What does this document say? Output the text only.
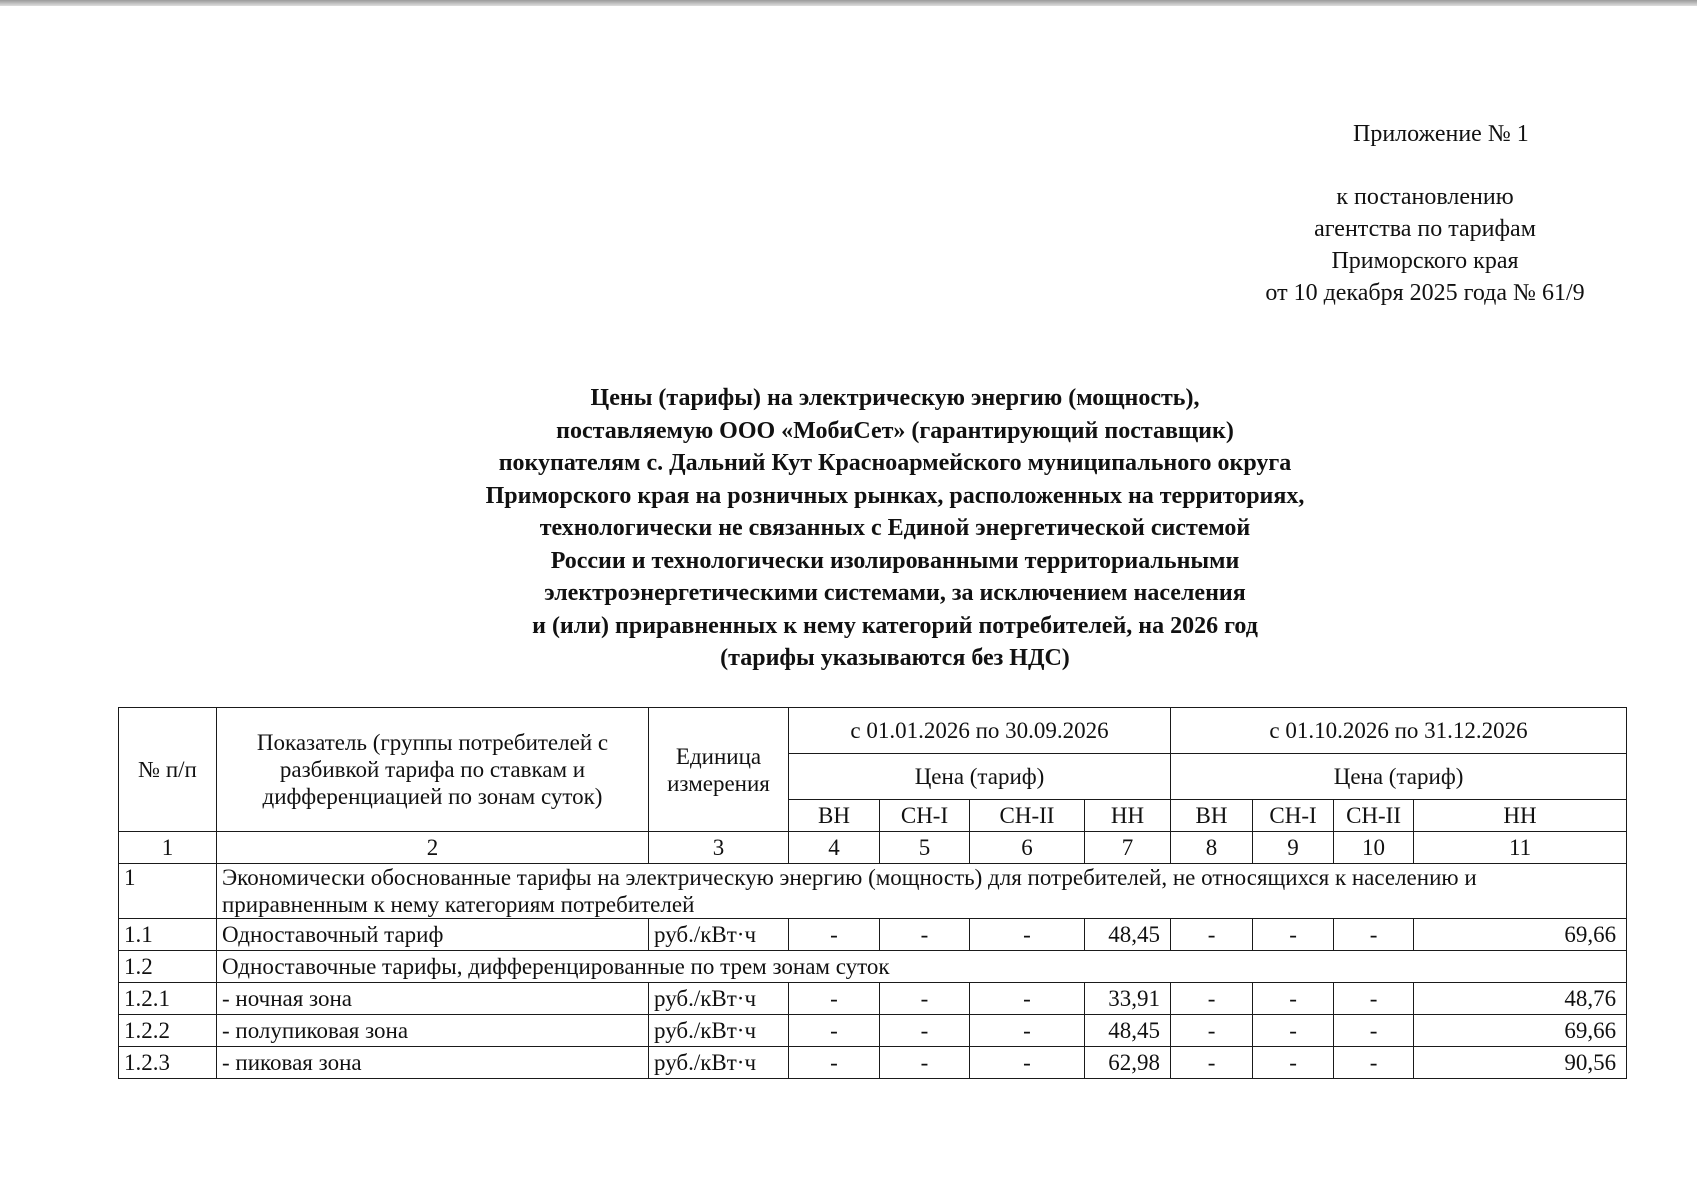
Приложение № 1
к постановлению
агентства по тарифам
Приморского края
от 10 декабря 2025 года № 61/9
Цены (тарифы) на электрическую энергию (мощность),
поставляемую ООО «МобиСет» (гарантирующий поставщик)
покупателям с. Дальний Кут Красноармейского муниципального округа
Приморского края на розничных рынках, расположенных на территориях,
технологически не связанных с Единой энергетической системой
России и технологически изолированными территориальными
электроэнергетическими системами, за исключением населения
и (или) приравненных к нему категорий потребителей, на 2026 год
(тарифы указываются без НДС)
№ п/п	Показатель (группы потребителей с разбивкой тарифа по ставкам и дифференциацией по зонам суток)	Единица измерения	с 01.01.2026 по 30.09.2026				с 01.10.2026 по 31.12.2026			
			Цена (тариф)				Цена (тариф)			
			ВН	СН-I	СН-II	НН	ВН	СН-I	СН-II	НН
1	2	3	4	5	6	7	8	9	10	11
1	Экономически обоснованные тарифы на электрическую энергию (мощность) для потребителей, не относящихся к населению и приравненным к нему категориям потребителей									
1.1	Одноставочный тариф	руб./кВт·ч	-	-	-	48,45	-	-	-	69,66
1.2	Одноставочные тарифы, дифференцированные по трем зонам суток									
1.2.1	- ночная зона	руб./кВт·ч	-	-	-	33,91	-	-	-	48,76
1.2.2	- полупиковая зона	руб./кВт·ч	-	-	-	48,45	-	-	-	69,66
1.2.3	- пиковая зона	руб./кВт·ч	-	-	-	62,98	-	-	-	90,56
